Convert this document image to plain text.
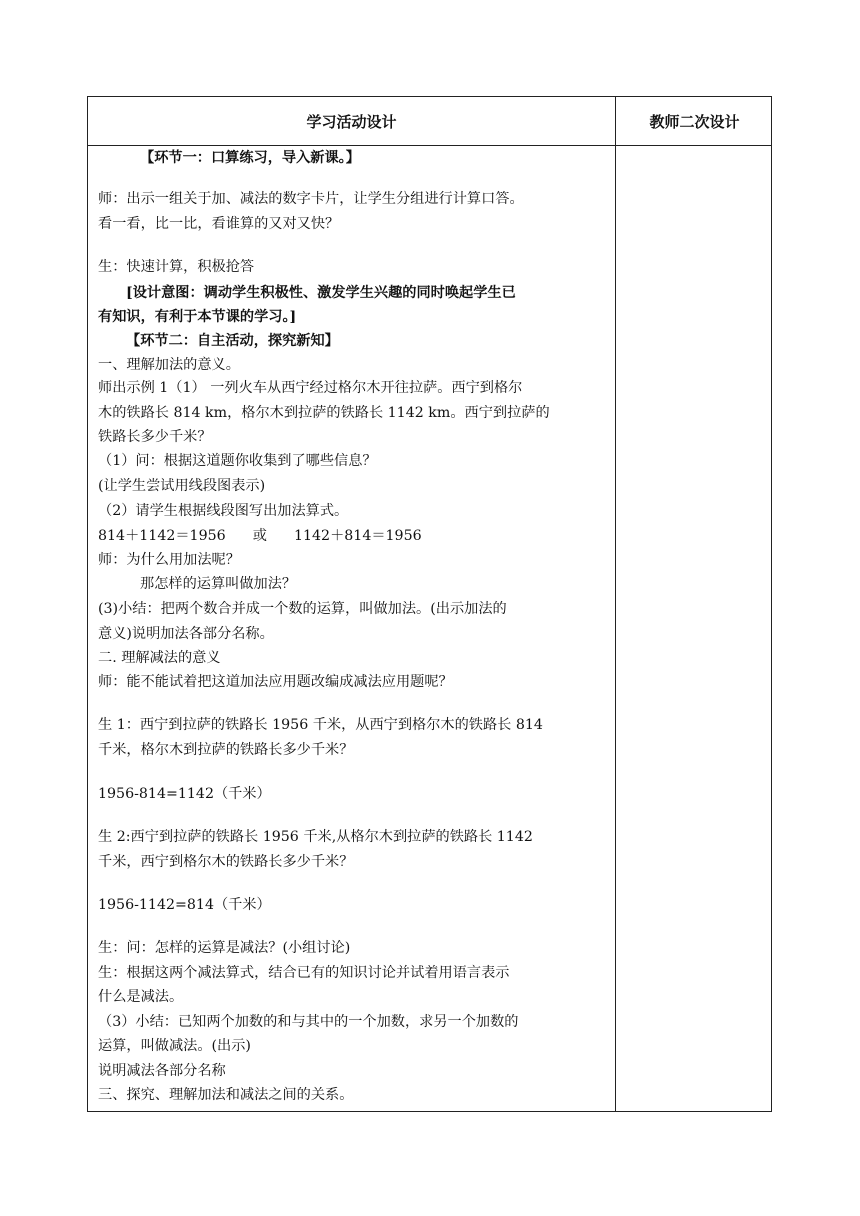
学习活动设计	教师二次设计
【环节一：口算练习，导入新课。】
师：出示一组关于加、减法的数字卡片，让学生分组进行计算口答。
看一看，比一比，看谁算的又对又快？
生：快速计算，积极抢答
[设计意图：调动学生积极性、激发学生兴趣的同时唤起学生已
有知识，有利于本节课的学习。]
【环节二：自主活动，探究新知】
一、理解加法的意义。
师出示例 1（1） 一列火车从西宁经过格尔木开往拉萨。西宁到格尔
木的铁路长 814 km，格尔木到拉萨的铁路长 1142 km。西宁到拉萨的
铁路长多少千米？
（1）问：根据这道题你收集到了哪些信息？
(让学生尝试用线段图表示)
（2）请学生根据线段图写出加法算式。
814＋1142＝1956      或      1142＋814＝1956
师：为什么用加法呢？
那怎样的运算叫做加法？
(3)小结：把两个数合并成一个数的运算，叫做加法。(出示加法的
意义)说明加法各部分名称。
二. 理解减法的意义
师：能不能试着把这道加法应用题改编成减法应用题呢？
生 1：西宁到拉萨的铁路长 1956 千米，从西宁到格尔木的铁路长 814
千米，格尔木到拉萨的铁路长多少千米？
1956-814=1142（千米）
生 2:西宁到拉萨的铁路长 1956 千米,从格尔木到拉萨的铁路长 1142
千米，西宁到格尔木的铁路长多少千米？
1956-1142=814（千米）
生：问：怎样的运算是减法？(小组讨论)
生：根据这两个减法算式，结合已有的知识讨论并试着用语言表示
什么是减法。
（3）小结：已知两个加数的和与其中的一个加数，求另一个加数的
运算，叫做减法。(出示)
说明减法各部分名称
三、探究、理解加法和减法之间的关系。
